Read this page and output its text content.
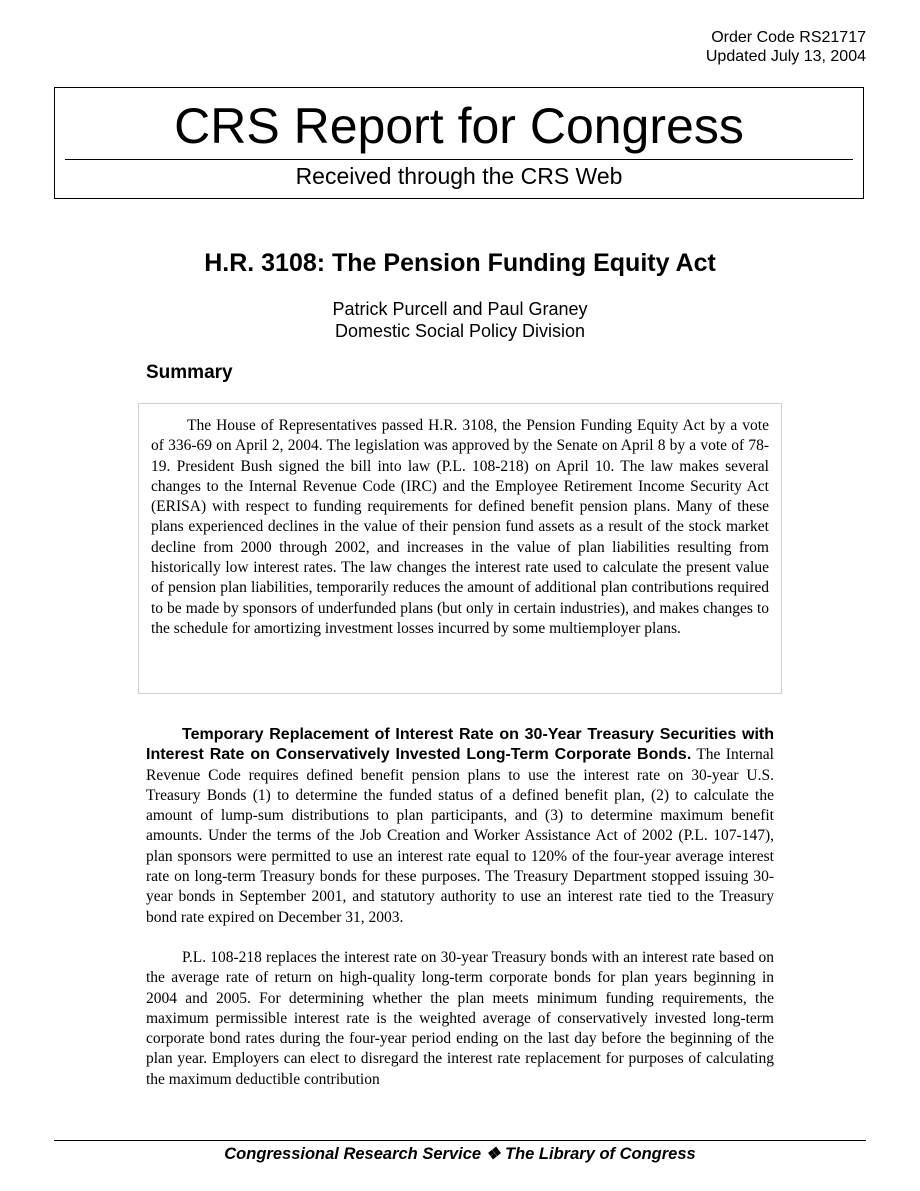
Order Code RS21717
Updated July 13, 2004
CRS Report for Congress
Received through the CRS Web
H.R. 3108: The Pension Funding Equity Act
Patrick Purcell and Paul Graney
Domestic Social Policy Division
Summary

The House of Representatives passed H.R. 3108, the Pension Funding Equity Act by a vote of 336-69 on April 2, 2004. The legislation was approved by the Senate on April 8 by a vote of 78-19. President Bush signed the bill into law (P.L. 108-218) on April 10. The law makes several changes to the Internal Revenue Code (IRC) and the Employee Retirement Income Security Act (ERISA) with respect to funding requirements for defined benefit pension plans. Many of these plans experienced declines in the value of their pension fund assets as a result of the stock market decline from 2000 through 2002, and increases in the value of plan liabilities resulting from historically low interest rates. The law changes the interest rate used to calculate the present value of pension plan liabilities, temporarily reduces the amount of additional plan contributions required to be made by sponsors of underfunded plans (but only in certain industries), and makes changes to the schedule for amortizing investment losses incurred by some multiemployer plans.

Temporary Replacement of Interest Rate on 30-Year Treasury Securities with Interest Rate on Conservatively Invested Long-Term Corporate Bonds. The Internal Revenue Code requires defined benefit pension plans to use the interest rate on 30-year U.S. Treasury Bonds (1) to determine the funded status of a defined benefit plan, (2) to calculate the amount of lump-sum distributions to plan participants, and (3) to determine maximum benefit amounts. Under the terms of the Job Creation and Worker Assistance Act of 2002 (P.L. 107-147), plan sponsors were permitted to use an interest rate equal to 120% of the four-year average interest rate on long-term Treasury bonds for these purposes. The Treasury Department stopped issuing 30-year bonds in September 2001, and statutory authority to use an interest rate tied to the Treasury bond rate expired on December 31, 2003.

P.L. 108-218 replaces the interest rate on 30-year Treasury bonds with an interest rate based on the average rate of return on high-quality long-term corporate bonds for plan years beginning in 2004 and 2005. For determining whether the plan meets minimum funding requirements, the maximum permissible interest rate is the weighted average of conservatively invested long-term corporate bond rates during the four-year period ending on the last day before the beginning of the plan year. Employers can elect to disregard the interest rate replacement for purposes of calculating the maximum deductible contribution

Congressional Research Service ❖ The Library of Congress
